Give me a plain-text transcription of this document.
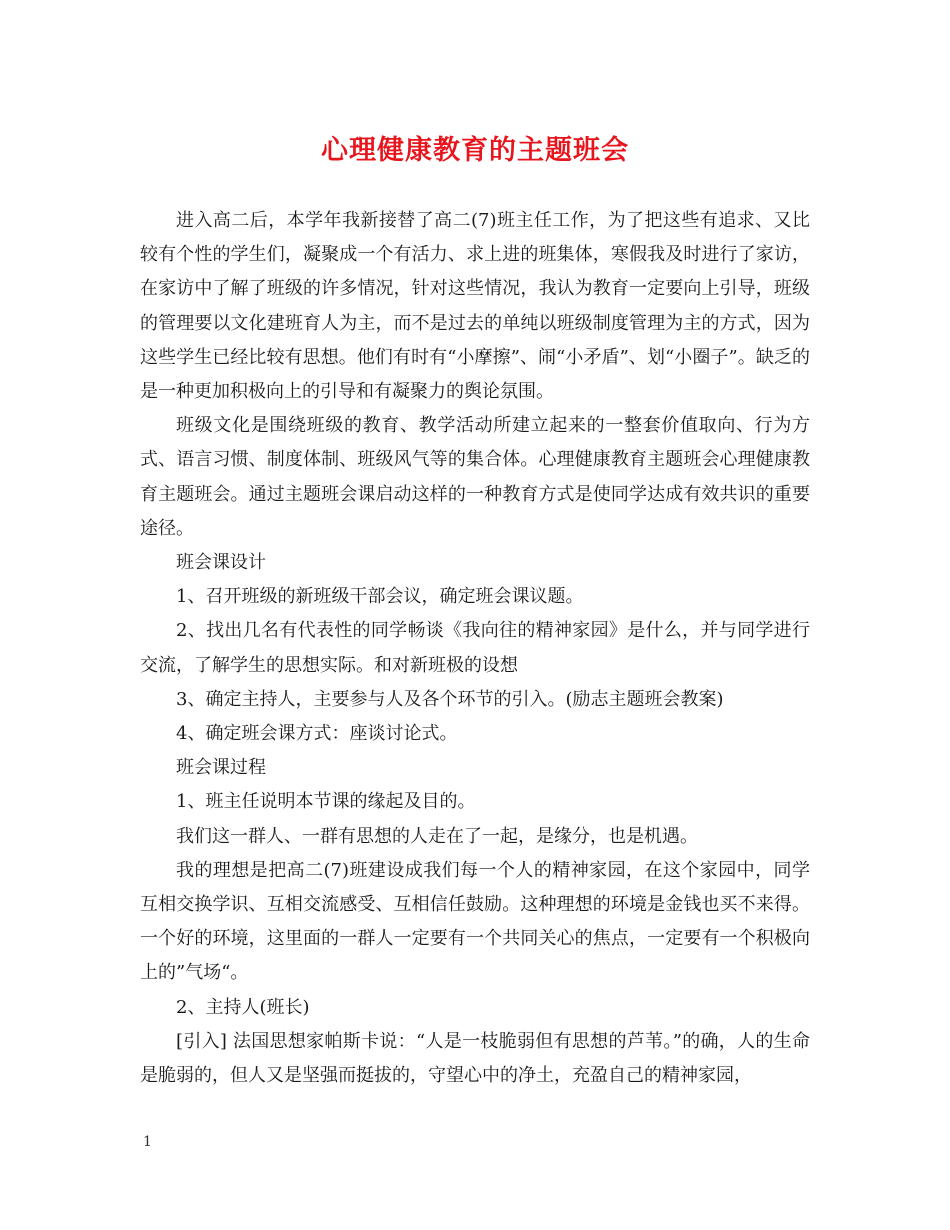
心理健康教育的主题班会

进入高二后，本学年我新接替了高二(7)班主任工作，为了把这些有追求、又比较有个性的学生们，凝聚成一个有活力、求上进的班集体，寒假我及时进行了家访，在家访中了解了班级的许多情况，针对这些情况，我认为教育一定要向上引导，班级的管理要以文化建班育人为主，而不是过去的单纯以班级制度管理为主的方式，因为这些学生已经比较有思想。他们有时有“小摩擦”、闹“小矛盾”、划“小圈子”。缺乏的是一种更加积极向上的引导和有凝聚力的舆论氛围。

班级文化是围绕班级的教育、教学活动所建立起来的一整套价值取向、行为方式、语言习惯、制度体制、班级风气等的集合体。心理健康教育主题班会心理健康教育主题班会。通过主题班会课启动这样的一种教育方式是使同学达成有效共识的重要途径。

班会课设计

1、召开班级的新班级干部会议，确定班会课议题。

2、找出几名有代表性的同学畅谈《我向往的精神家园》是什么，并与同学进行交流，了解学生的思想实际。和对新班极的设想

3、确定主持人，主要参与人及各个环节的引入。(励志主题班会教案)

4、确定班会课方式：座谈讨论式。

班会课过程

1、班主任说明本节课的缘起及目的。

我们这一群人、一群有思想的人走在了一起，是缘分，也是机遇。

我的理想是把高二(7)班建设成我们每一个人的精神家园，在这个家园中，同学互相交换学识、互相交流感受、互相信任鼓励。这种理想的环境是金钱也买不来得。一个好的环境，这里面的一群人一定要有一个共同关心的焦点，一定要有一个积极向上的”气场“。

2、主持人(班长)

[引入] 法国思想家帕斯卡说：“人是一枝脆弱但有思想的芦苇。”的确，人的生命是脆弱的，但人又是坚强而挺拔的，守望心中的净土，充盈自己的精神家园，

1
